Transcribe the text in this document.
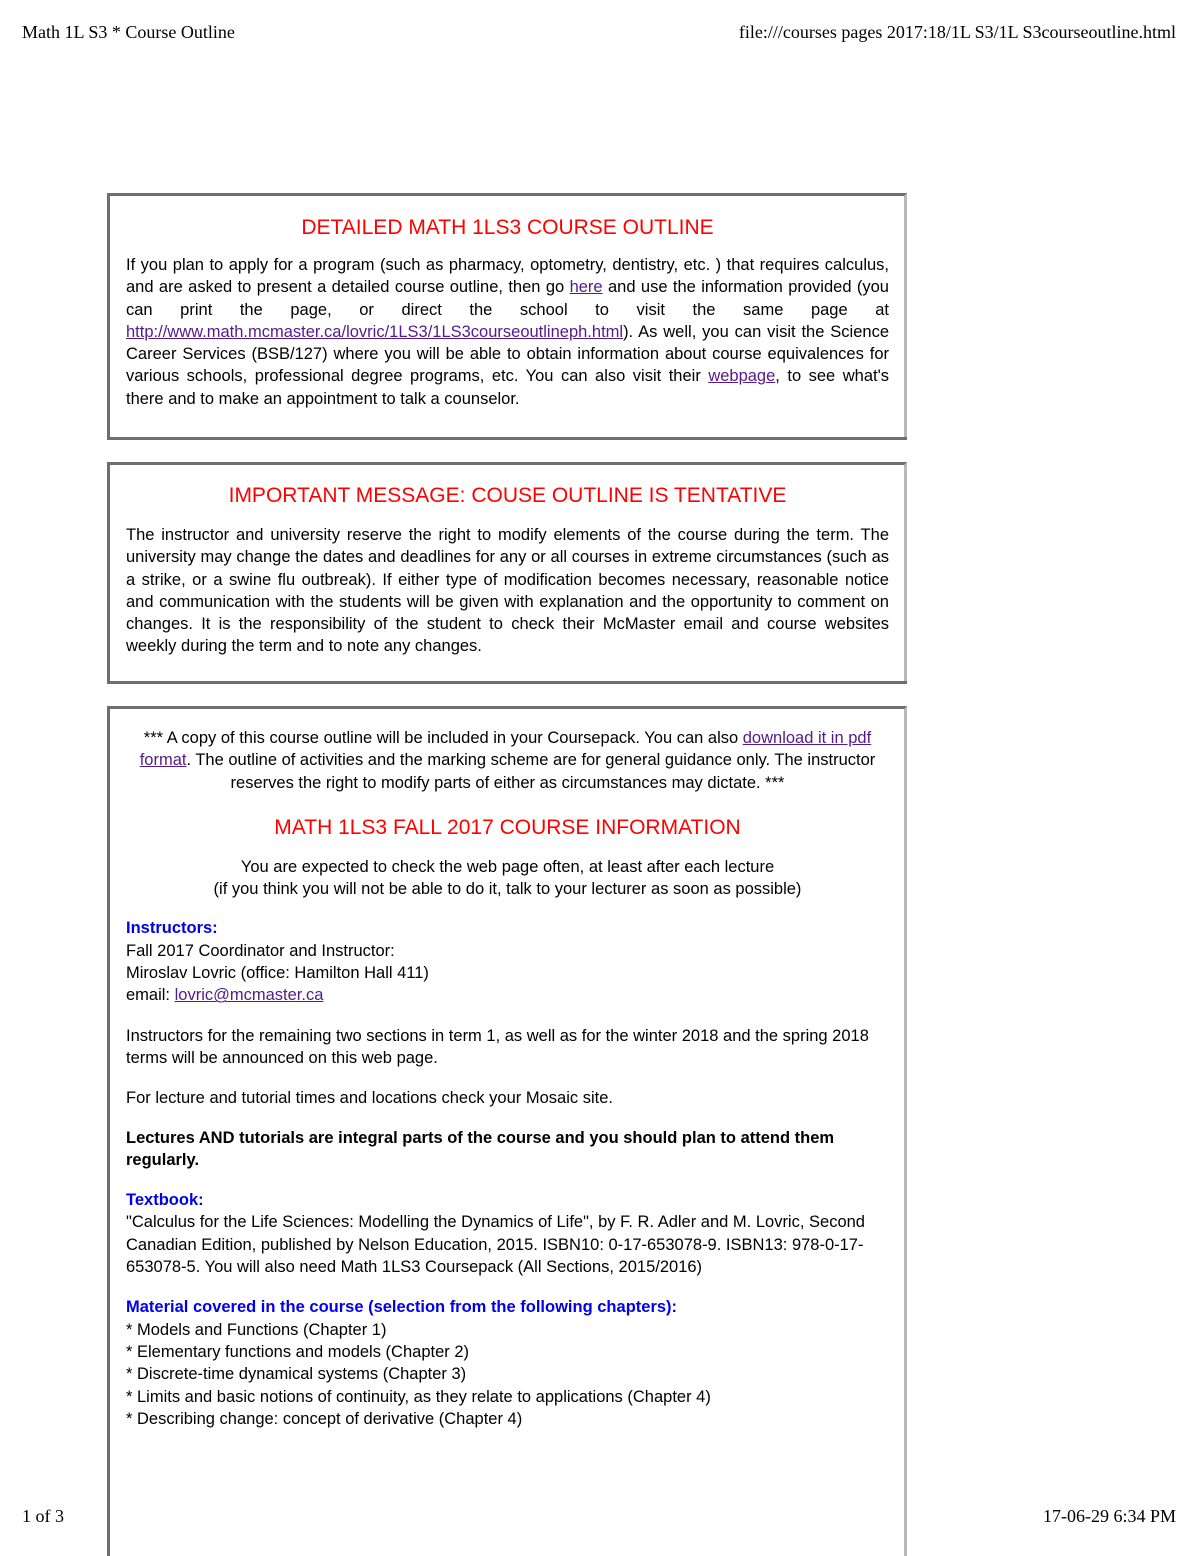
Math 1L S3 * Course Outline	file:///courses pages 2017:18/1L S3/1L S3courseoutline.html
DETAILED MATH 1LS3 COURSE OUTLINE

If you plan to apply for a program (such as pharmacy, optometry, dentistry, etc. ) that requires calculus, and are asked to present a detailed course outline, then go here and use the information provided (you can print the page, or direct the school to visit the same page at http://www.math.mcmaster.ca/lovric/1LS3/1LS3courseoutlineph.html). As well, you can visit the Science Career Services (BSB/127) where you will be able to obtain information about course equivalences for various schools, professional degree programs, etc. You can also visit their webpage, to see what's there and to make an appointment to talk a counselor.

IMPORTANT MESSAGE: COUSE OUTLINE IS TENTATIVE

The instructor and university reserve the right to modify elements of the course during the term. The university may change the dates and deadlines for any or all courses in extreme circumstances (such as a strike, or a swine flu outbreak). If either type of modification becomes necessary, reasonable notice and communication with the students will be given with explanation and the opportunity to comment on changes. It is the responsibility of the student to check their McMaster email and course websites weekly during the term and to note any changes.

*** A copy of this course outline will be included in your Coursepack. You can also download it in pdf format. The outline of activities and the marking scheme are for general guidance only. The instructor reserves the right to modify parts of either as circumstances may dictate. ***

MATH 1LS3 FALL 2017 COURSE INFORMATION

You are expected to check the web page often, at least after each lecture

(if you think you will not be able to do it, talk to your lecturer as soon as possible)

Instructors:

Fall 2017 Coordinator and Instructor:

Miroslav Lovric (office: Hamilton Hall 411)

email: lovric@mcmaster.ca

Instructors for the remaining two sections in term 1, as well as for the winter 2018 and the spring 2018 terms will be announced on this web page.

For lecture and tutorial times and locations check your Mosaic site.

Lectures AND tutorials are integral parts of the course and you should plan to attend them regularly.

Textbook:

"Calculus for the Life Sciences: Modelling the Dynamics of Life", by F. R. Adler and M. Lovric, Second Canadian Edition, published by Nelson Education, 2015. ISBN10: 0-17-653078-9. ISBN13: 978-0-17-653078-5. You will also need Math 1LS3 Coursepack (All Sections, 2015/2016)

Material covered in the course (selection from the following chapters):

* Models and Functions (Chapter 1)

* Elementary functions and models (Chapter 2)

* Discrete-time dynamical systems (Chapter 3)

* Limits and basic notions of continuity, as they relate to applications (Chapter 4)

* Describing change: concept of derivative (Chapter 4)

1 of 3	17-06-29 6:34 PM
